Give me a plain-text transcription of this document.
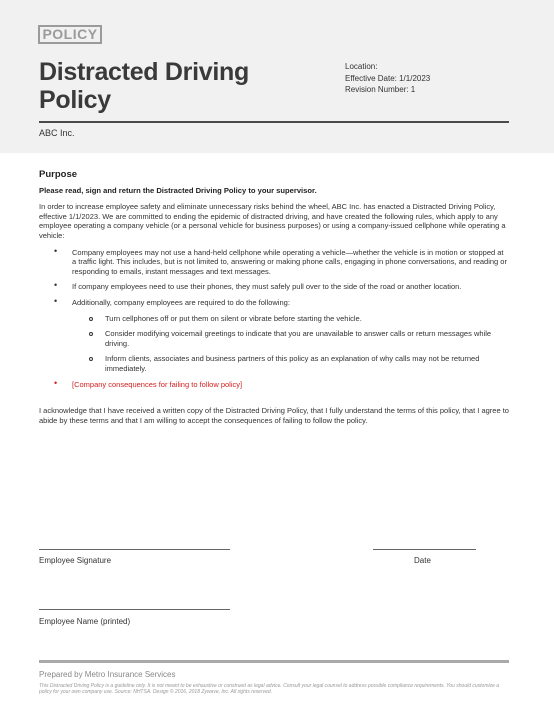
POLICY
Distracted Driving Policy
Location:
Effective Date: 1/1/2023
Revision Number: 1
ABC Inc.
Purpose
Please read, sign and return the Distracted Driving Policy to your supervisor.
In order to increase employee safety and eliminate unnecessary risks behind the wheel, ABC Inc. has enacted a Distracted Driving Policy, effective 1/1/2023. We are committed to ending the epidemic of distracted driving, and have created the following rules, which apply to any employee operating a company vehicle (or a personal vehicle for business purposes) or using a company-issued cellphone while operating a vehicle:
• Company employees may not use a hand-held cellphone while operating a vehicle—whether the vehicle is in motion or stopped at a traffic light. This includes, but is not limited to, answering or making phone calls, engaging in phone conversations, and reading or responding to emails, instant messages and text messages.
• If company employees need to use their phones, they must safely pull over to the side of the road or another location.
• Additionally, company employees are required to do the following:
Turn cellphones off or put them on silent or vibrate before starting the vehicle.
Consider modifying voicemail greetings to indicate that you are unavailable to answer calls or return messages while driving.
Inform clients, associates and business partners of this policy as an explanation of why calls may not be returned immediately.
• [Company consequences for failing to follow policy]
I acknowledge that I have received a written copy of the Distracted Driving Policy, that I fully understand the terms of this policy, that I agree to abide by these terms and that I am willing to accept the consequences of failing to follow the policy.
Employee Signature	Date
Employee Name (printed)
Prepared by Metro Insurance Services
This Distracted Driving Policy is a guideline only. It is not meant to be exhaustive or construed as legal advice. Consult your legal counsel to address possible compliance requirements. You should customize a policy for your own company use. Source: NHTSA. Design © 2016, 2018 Zywave, Inc. All rights reserved.
